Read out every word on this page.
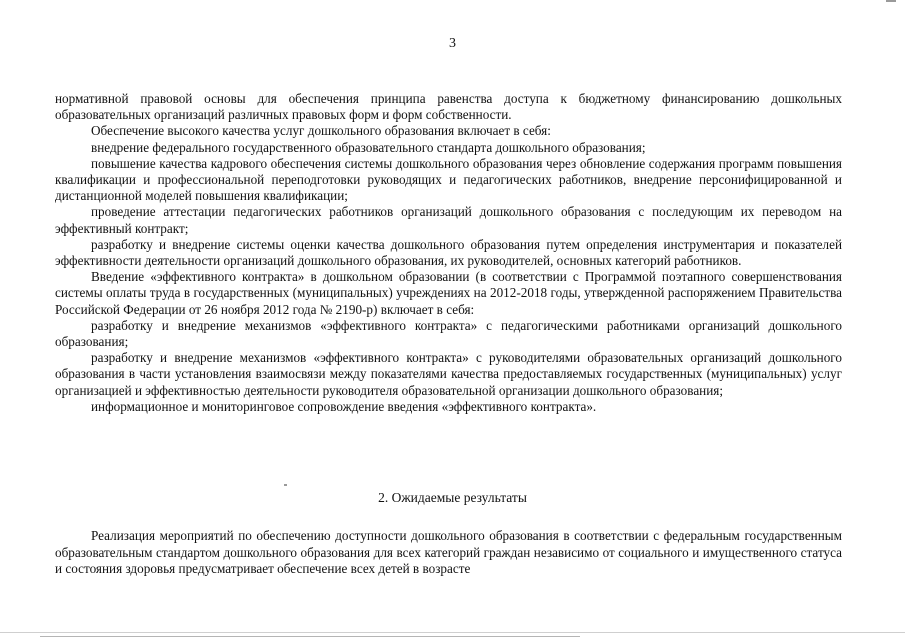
3

нормативной правовой основы для обеспечения принципа равенства доступа к бюджетному финансированию дошкольных образовательных организаций различных правовых форм и форм собственности.

Обеспечение высокого качества услуг дошкольного образования включает в себя:

внедрение федерального государственного образовательного стандарта дошкольного образования;

повышение качества кадрового обеспечения системы дошкольного образования через обновление содержания программ повышения квалификации и профессиональной переподготовки руководящих и педагогических работников, внедрение персонифицированной и дистанционной моделей повышения квалификации;

проведение аттестации педагогических работников организаций дошкольного образования с последующим их переводом на эффективный контракт;

разработку и внедрение системы оценки качества дошкольного образования путем определения инструментария и показателей эффективности деятельности организаций дошкольного образования, их руководителей, основных категорий работников.

Введение «эффективного контракта» в дошкольном образовании (в соответствии с Программой поэтапного совершенствования системы оплаты труда в государственных (муниципальных) учреждениях на 2012-2018 годы, утвержденной распоряжением Правительства Российской Федерации от 26 ноября 2012 года № 2190-р) включает в себя:

разработку и внедрение механизмов «эффективного контракта» с педагогическими работниками организаций дошкольного образования;

разработку и внедрение механизмов «эффективного контракта» с руководителями образовательных организаций дошкольного образования в части установления взаимосвязи между показателями качества предоставляемых государственных (муниципальных) услуг организацией и эффективностью деятельности руководителя образовательной организации дошкольного образования;

информационное и мониторинговое сопровождение введения «эффективного контракта».

2. Ожидаемые результаты

Реализация мероприятий по обеспечению доступности дошкольного образования в соответствии с федеральным государственным образовательным стандартом дошкольного образования для всех категорий граждан независимо от социального и имущественного статуса и состояния здоровья предусматривает обеспечение всех детей в возрасте
